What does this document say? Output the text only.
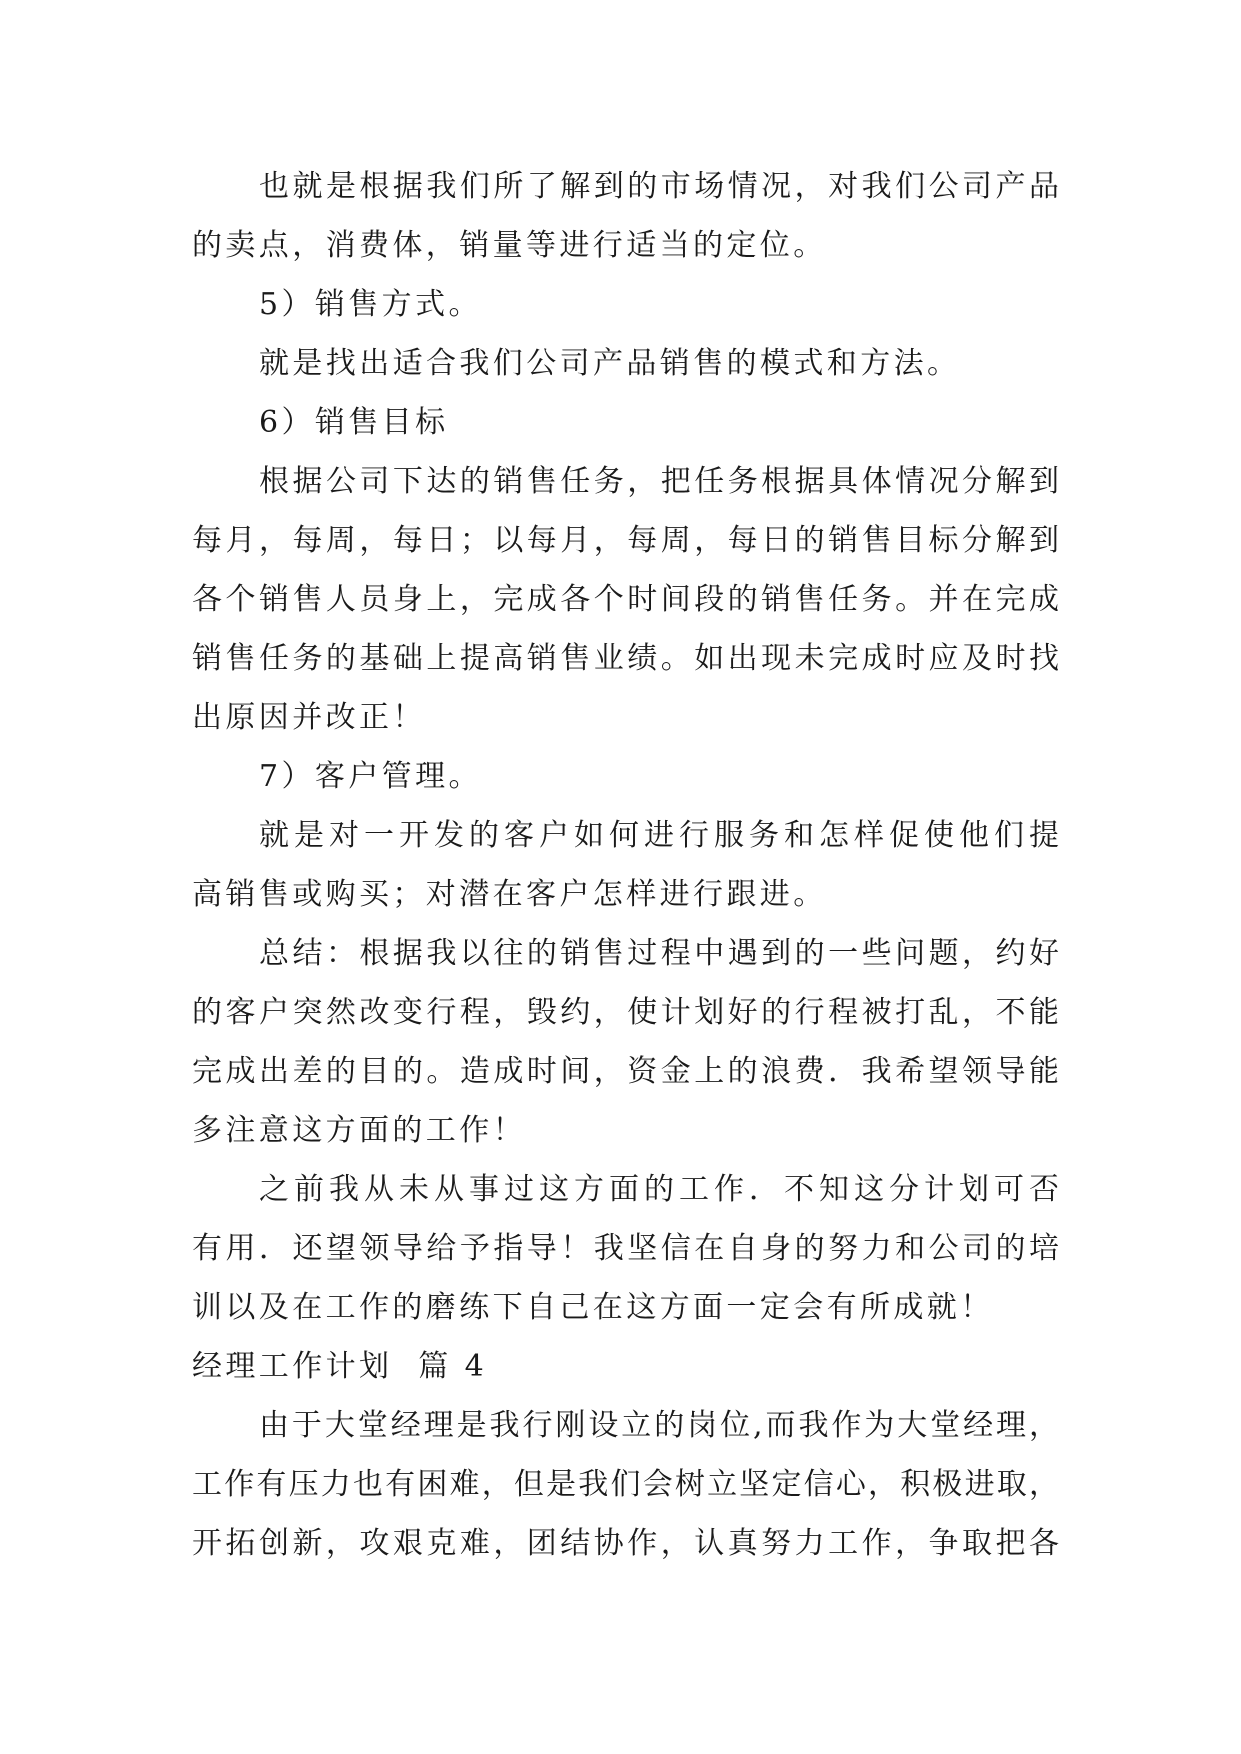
也就是根据我们所了解到的市场情况，对我们公司产品
的卖点，消费体，销量等进行适当的定位。
5）销售方式。
就是找出适合我们公司产品销售的模式和方法。
6）销售目标
根据公司下达的销售任务，把任务根据具体情况分解到
每月，每周，每日；以每月，每周，每日的销售目标分解到
各个销售人员身上，完成各个时间段的销售任务。并在完成
销售任务的基础上提高销售业绩。如出现未完成时应及时找
出原因并改正！
7）客户管理。
就是对一开发的客户如何进行服务和怎样促使他们提
高销售或购买；对潜在客户怎样进行跟进。
总结：根据我以往的销售过程中遇到的一些问题，约好
的客户突然改变行程，毁约，使计划好的行程被打乱，不能
完成出差的目的。造成时间，资金上的浪费．我希望领导能
多注意这方面的工作！
之前我从未从事过这方面的工作．不知这分计划可否
有用．还望领导给予指导！我坚信在自身的努力和公司的培
训以及在工作的磨练下自己在这方面一定会有所成就！
经理工作计划  篇 4
由于大堂经理是我行刚设立的岗位,而我作为大堂经理，
工作有压力也有困难，但是我们会树立坚定信心，积极进取，
开拓创新，攻艰克难，团结协作，认真努力工作，争取把各
